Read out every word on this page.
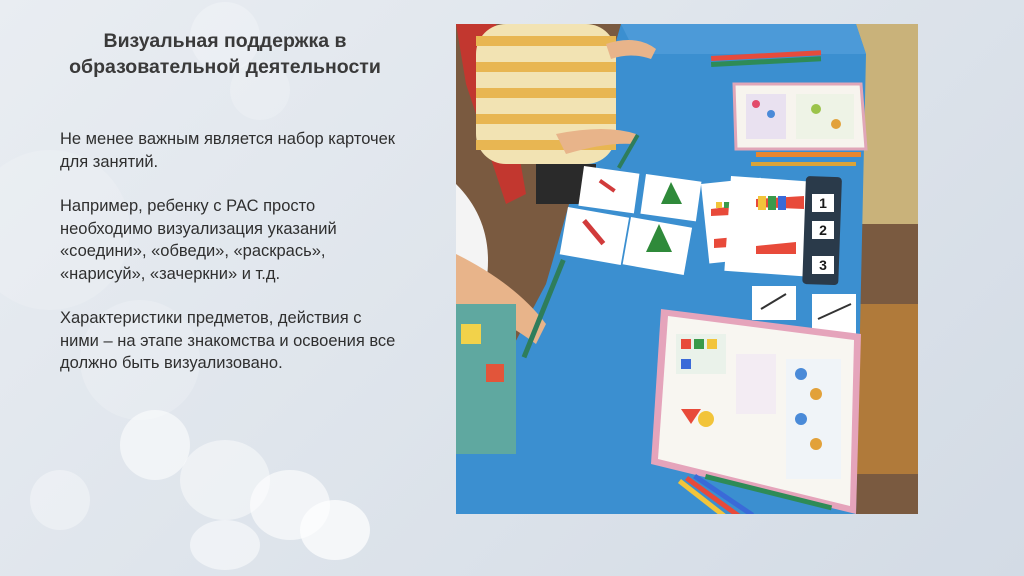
Визуальная поддержка в образовательной деятельности

Не менее важным является набор карточек для занятий.

Например, ребенку с РАС просто необходимо визуализация указаний «соедини», «обведи», «раскрась», «нарисуй», «зачеркни» и т.д.

Характеристики предметов, действия с ними – на этапе знакомства и освоения все должно быть визуализовано.

1
2
3
